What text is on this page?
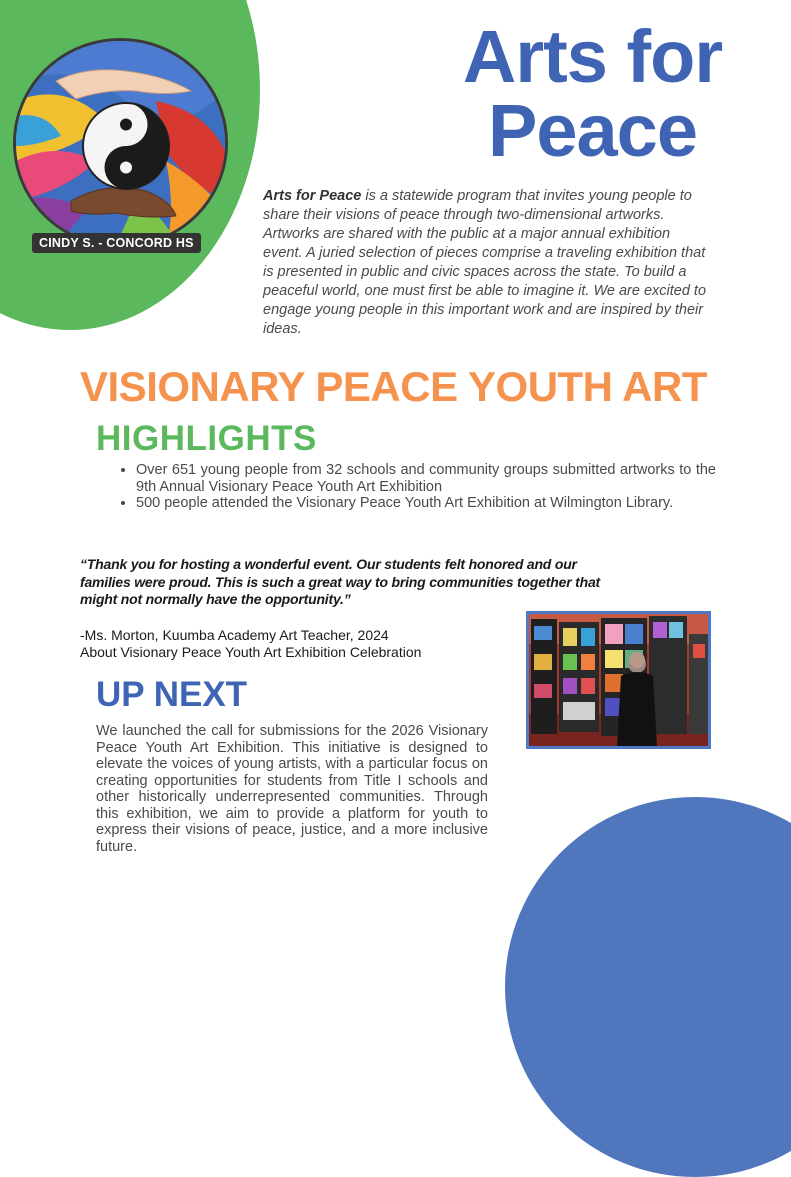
CINDY S. - CONCORD HS
Arts for
Peace
Arts for Peace is a statewide program that invites young people to share their visions of peace through two-dimensional artworks. Artworks are shared with the public at a major annual exhibition event. A juried selection of pieces comprise a traveling exhibition that is presented in public and civic spaces across the state. To build a peaceful world, one must first be able to imagine it. We are excited to engage young people in this important work and are inspired by their ideas.
VISIONARY PEACE YOUTH ART
HIGHLIGHTS
• Over 651 young people from 32 schools and community groups submitted artworks to the 9th Annual Visionary Peace Youth Art Exhibition
• 500 people attended the Visionary Peace Youth Art Exhibition at Wilmington Library.
“Thank you for hosting a wonderful event. Our students felt honored and our families were proud. This is such a great way to bring communities together that might not normally have the opportunity.”
-Ms. Morton, Kuumba Academy Art Teacher, 2024
About Visionary Peace Youth Art Exhibition Celebration
UP NEXT
We launched the call for submissions for the 2026 Visionary Peace Youth Art Exhibition. This initiative is designed to elevate the voices of young artists, with a particular focus on creating opportunities for students from Title I schools and other historically underrepresented communities. Through this exhibition, we aim to provide a platform for youth to express their visions of peace, justice, and a more inclusive future.
